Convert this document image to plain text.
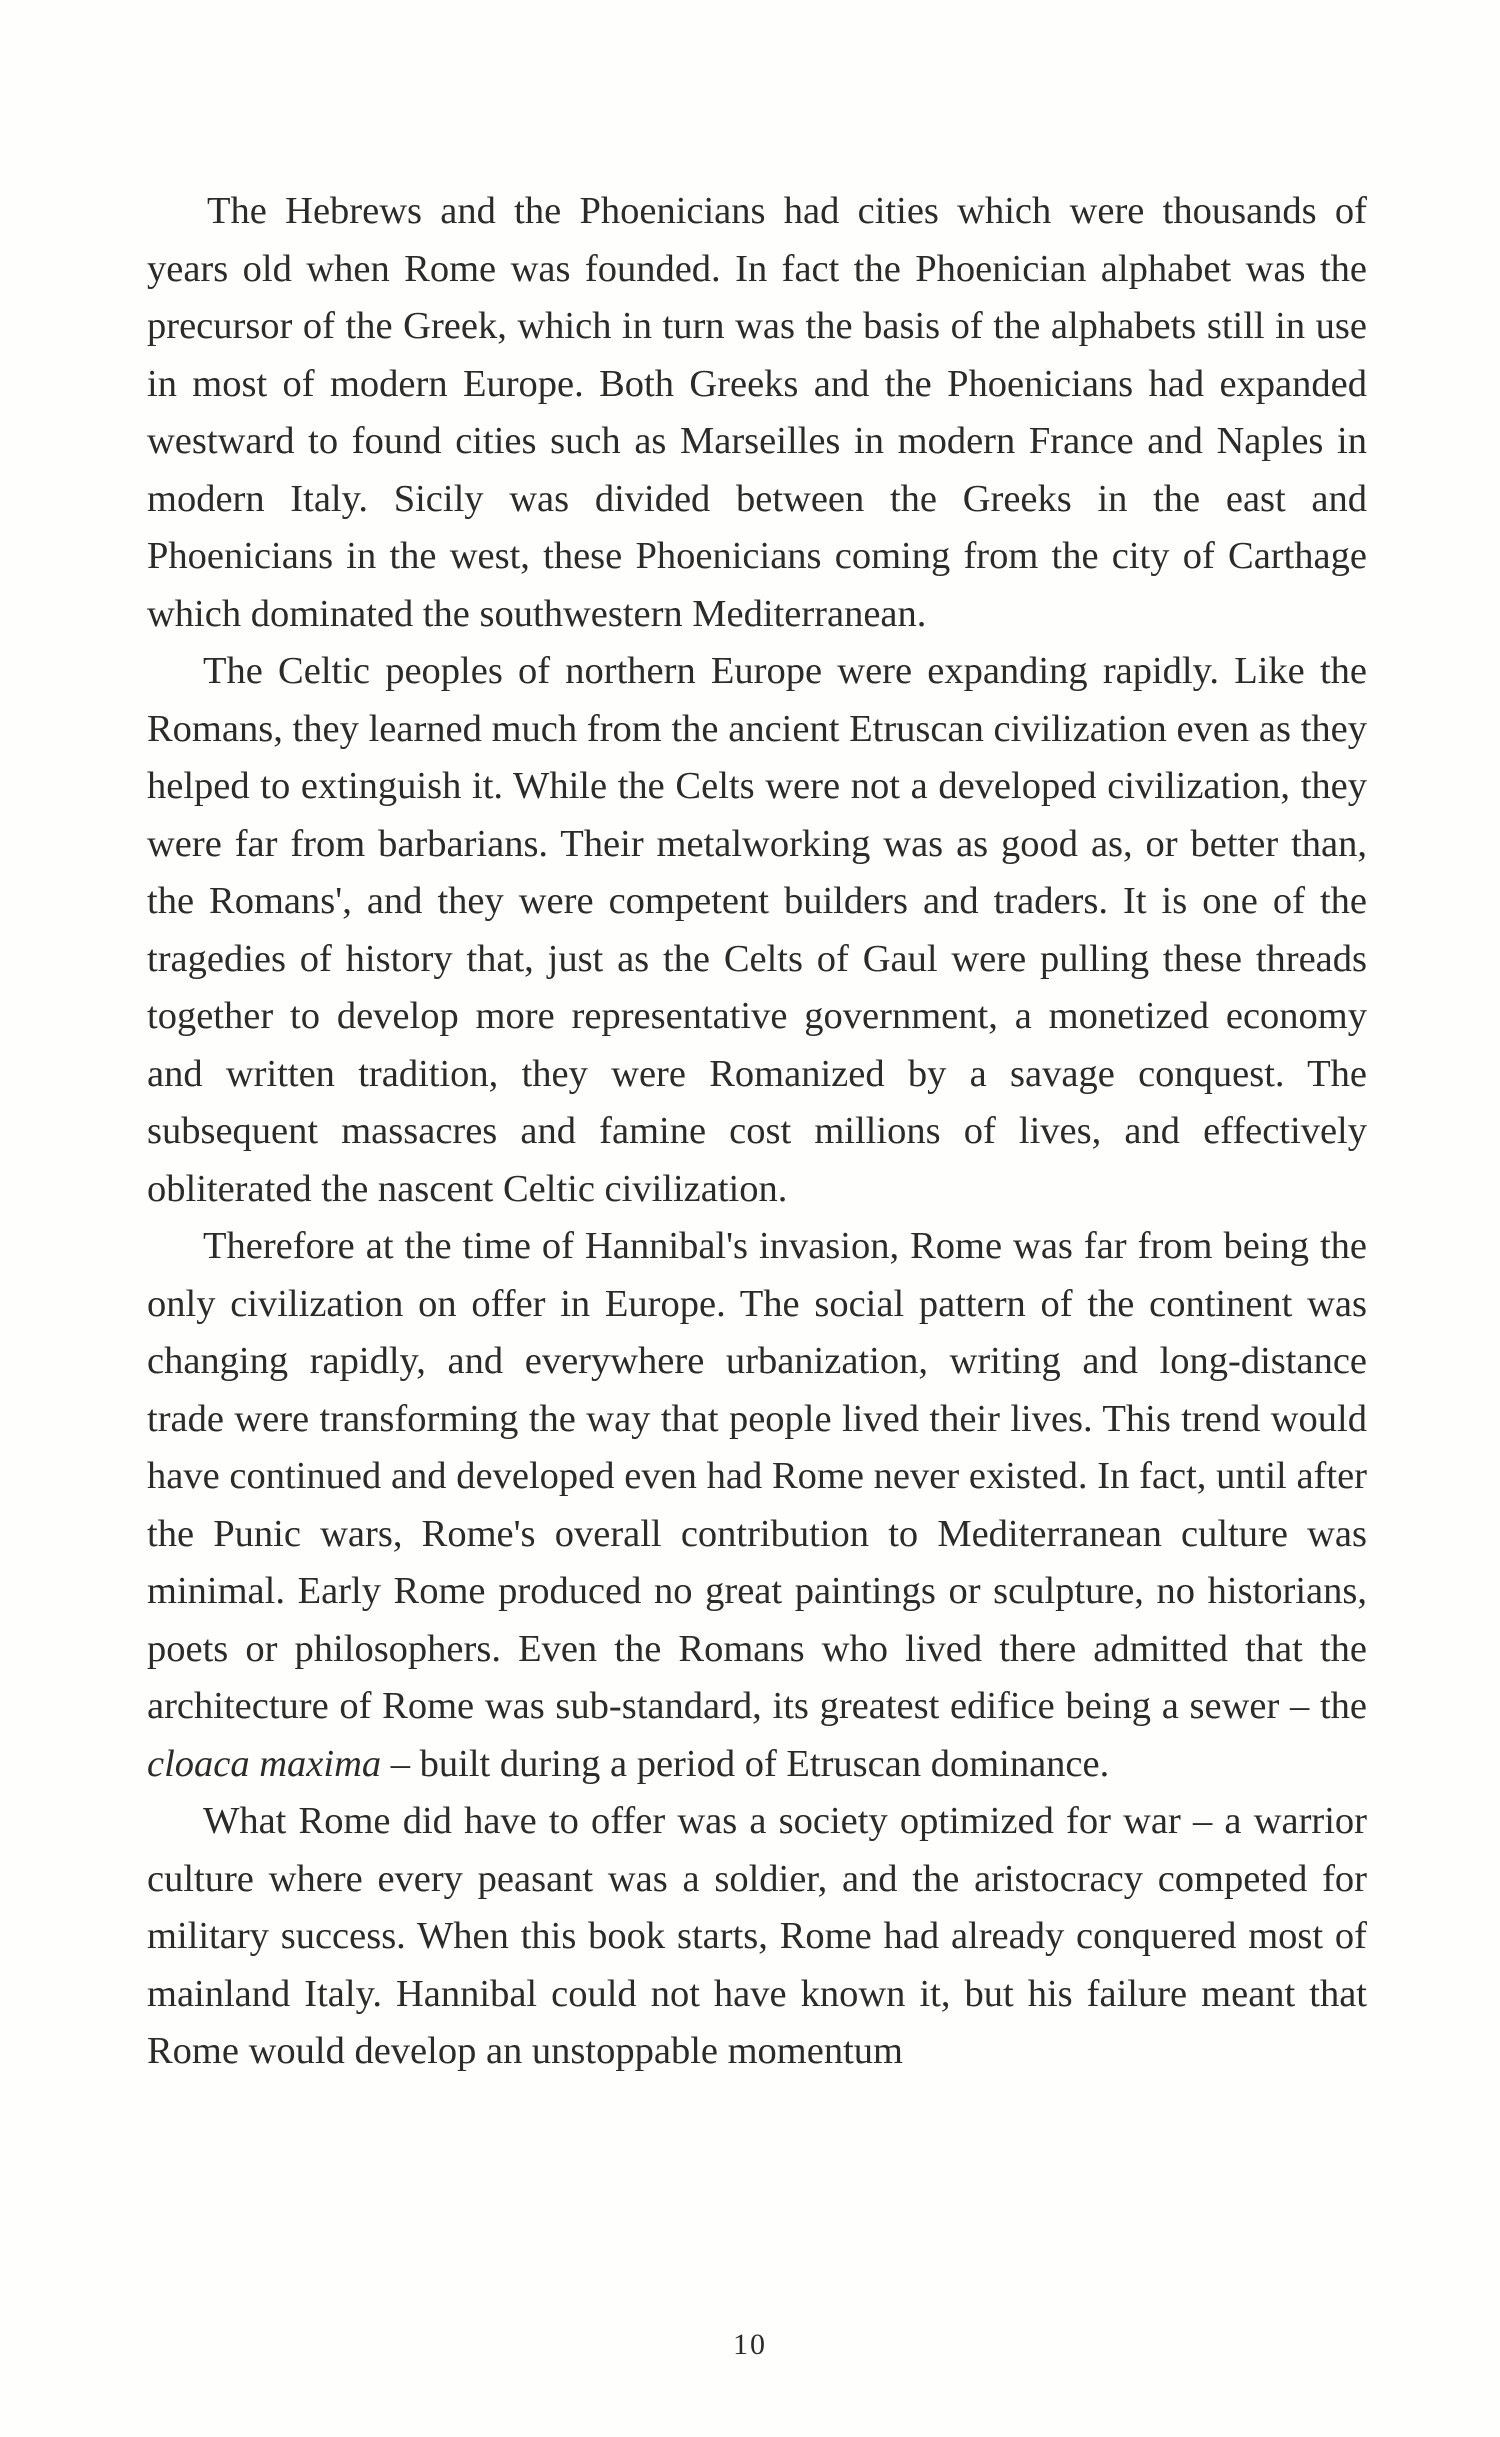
The Hebrews and the Phoenicians had cities which were thousands of years old when Rome was founded. In fact the Phoenician alphabet was the precursor of the Greek, which in turn was the basis of the alphabets still in use in most of modern Europe. Both Greeks and the Phoenicians had expanded westward to found cities such as Marseilles in modern France and Naples in modern Italy. Sicily was divided between the Greeks in the east and Phoenicians in the west, these Phoenicians coming from the city of Carthage which dominated the southwestern Mediterranean.

The Celtic peoples of northern Europe were expanding rapidly. Like the Romans, they learned much from the ancient Etruscan civilization even as they helped to extinguish it. While the Celts were not a developed civilization, they were far from barbarians. Their metalworking was as good as, or better than, the Romans', and they were competent builders and traders. It is one of the tragedies of history that, just as the Celts of Gaul were pulling these threads together to develop more representative government, a monetized economy and written tradition, they were Romanized by a savage conquest. The subsequent massacres and famine cost millions of lives, and effectively obliterated the nascent Celtic civilization.

Therefore at the time of Hannibal's invasion, Rome was far from being the only civilization on offer in Europe. The social pattern of the continent was changing rapidly, and everywhere urbanization, writing and long-distance trade were transforming the way that people lived their lives. This trend would have continued and developed even had Rome never existed. In fact, until after the Punic wars, Rome's overall contribution to Mediterranean culture was minimal. Early Rome produced no great paintings or sculpture, no historians, poets or philosophers. Even the Romans who lived there admitted that the architecture of Rome was sub-standard, its greatest edifice being a sewer – the cloaca maxima – built during a period of Etruscan dominance.

What Rome did have to offer was a society optimized for war – a warrior culture where every peasant was a soldier, and the aristocracy competed for military success. When this book starts, Rome had already conquered most of mainland Italy. Hannibal could not have known it, but his failure meant that Rome would develop an unstoppable momentum

10
